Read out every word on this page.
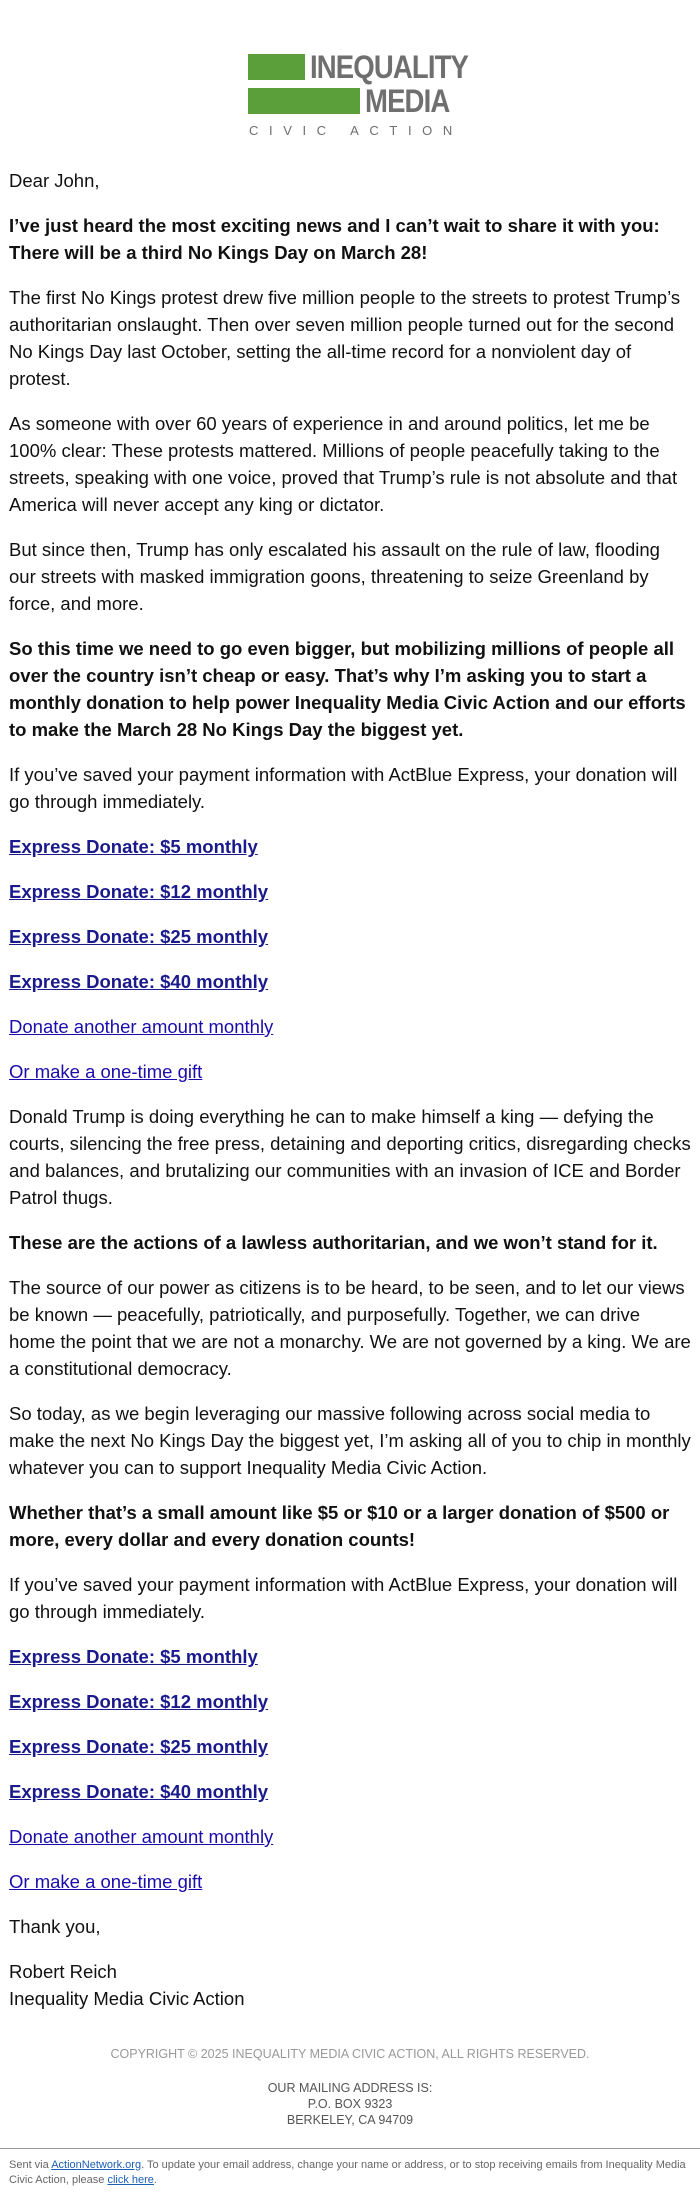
INEQUALITY
MEDIA
CIVIC ACTION

Dear John,

I’ve just heard the most exciting news and I can’t wait to share it with you: There will be a third No Kings Day on March 28!

The first No Kings protest drew five million people to the streets to protest Trump’s authoritarian onslaught. Then over seven million people turned out for the second No Kings Day last October, setting the all-time record for a nonviolent day of protest.

As someone with over 60 years of experience in and around politics, let me be 100% clear: These protests mattered. Millions of people peacefully taking to the streets, speaking with one voice, proved that Trump’s rule is not absolute and that America will never accept any king or dictator.

But since then, Trump has only escalated his assault on the rule of law, flooding our streets with masked immigration goons, threatening to seize Greenland by force, and more.

So this time we need to go even bigger, but mobilizing millions of people all over the country isn’t cheap or easy. That’s why I’m asking you to start a monthly donation to help power Inequality Media Civic Action and our efforts to make the March 28 No Kings Day the biggest yet.

If you’ve saved your payment information with ActBlue Express, your donation will go through immediately.

Express Donate: $5 monthly

Express Donate: $12 monthly

Express Donate: $25 monthly

Express Donate: $40 monthly

Donate another amount monthly

Or make a one-time gift

Donald Trump is doing everything he can to make himself a king — defying the courts, silencing the free press, detaining and deporting critics, disregarding checks and balances, and brutalizing our communities with an invasion of ICE and Border Patrol thugs.

These are the actions of a lawless authoritarian, and we won’t stand for it.

The source of our power as citizens is to be heard, to be seen, and to let our views be known — peacefully, patriotically, and purposefully. Together, we can drive home the point that we are not a monarchy. We are not governed by a king. We are a constitutional democracy.

So today, as we begin leveraging our massive following across social media to make the next No Kings Day the biggest yet, I’m asking all of you to chip in monthly whatever you can to support Inequality Media Civic Action.

Whether that’s a small amount like $5 or $10 or a larger donation of $500 or more, every dollar and every donation counts!

If you’ve saved your payment information with ActBlue Express, your donation will go through immediately.

Express Donate: $5 monthly

Express Donate: $12 monthly

Express Donate: $25 monthly

Express Donate: $40 monthly

Donate another amount monthly

Or make a one-time gift

Thank you,

Robert Reich
Inequality Media Civic Action
COPYRIGHT © 2025 INEQUALITY MEDIA CIVIC ACTION, ALL RIGHTS RESERVED.
OUR MAILING ADDRESS IS:
P.O. BOX 9323
BERKELEY, CA 94709
Sent via ActionNetwork.org. To update your email address, change your name or address, or to stop receiving emails from Inequality Media Civic Action, please click here.
